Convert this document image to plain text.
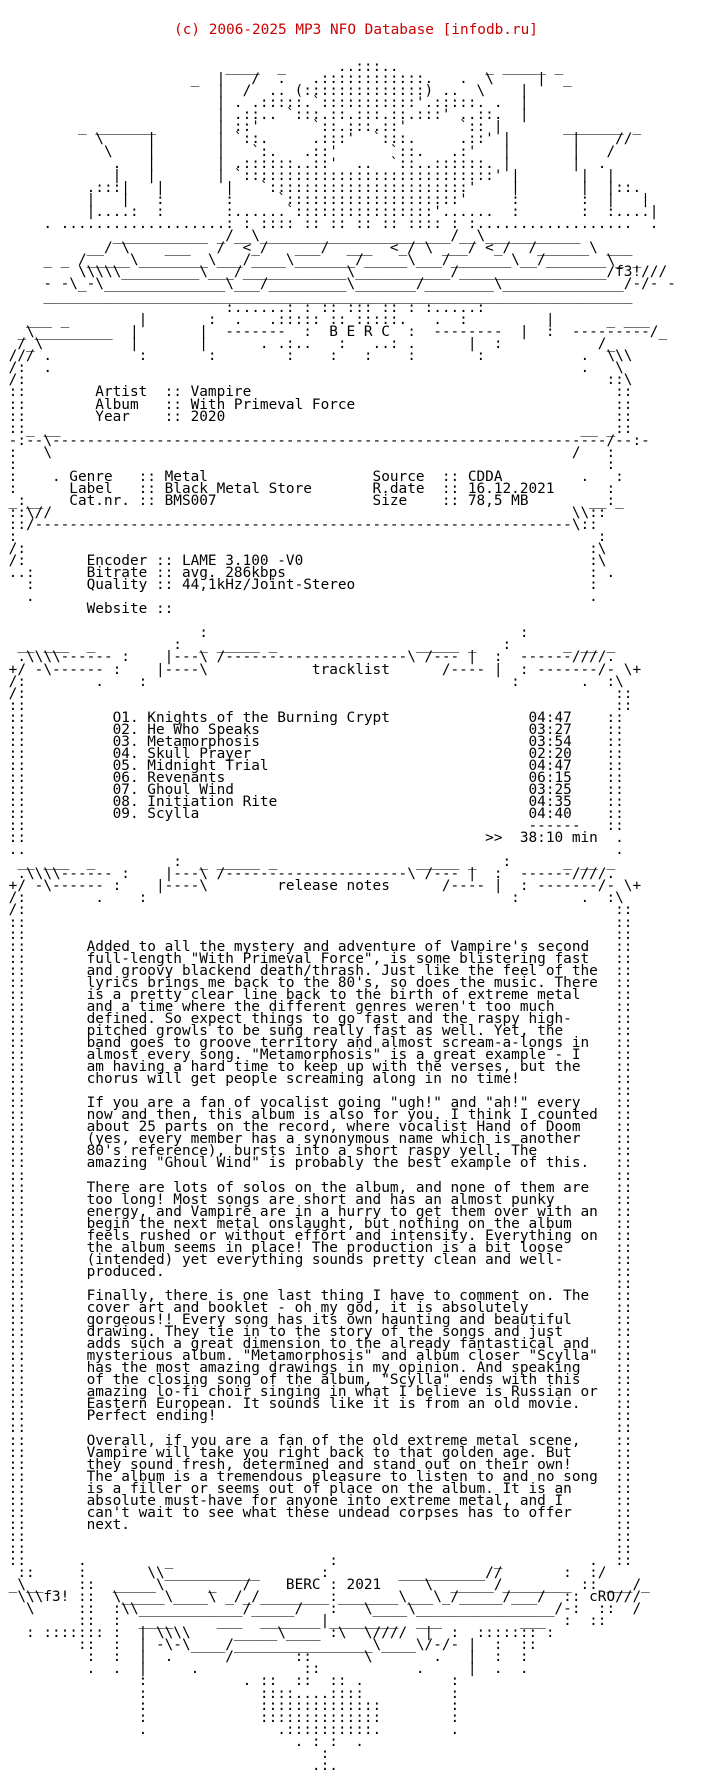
(c) 2006-2025 MP3 NFO Database [infodb.ru]

____  _      ..:::..          _ _____ _
_  |   /  .   .::::::::::::.   .  \     |  _
|  /  .. (::::::::::::::) ..  \    |
| . .:::::.`:::::::::::'.:::::. .  |
| .::.. `:::.::.:::.::.:::' ..::.  |
_ _______       | ::'      `::.:::.::'      `:: |       _______ _
\     |       | `::.     .:::'  `:::.     .::' |       |    //
\    |       |   `:.   .::'      `::.   .:'   |       |   /
.   |       | .::::::..::'  ..  `::..::::::. |       |  .
|   |       | `:::::::::::::::::::::::::::::' |       |  |
.:::|   |       |   `:::::::::::::::::::::::'    |       |  |::.
|   |   :       :     `::::::::::::::::::::'     :       :  |   |
|....:  :       :......`::::::::::::::::'......  :       :  :....|
. ...................: : :::: :: :: :: :: :::: : :..................  .
___________ _/__\______________________/__\___________
__/ \    ___   /  <_/   ___/  ___  <_/ \ ___/ <_/  /______\ ___
_ _ /_____\________\___/____\_______/_____\___/_______\__/_______\_ _
\\\\\_________\___/____________\___________/_________________/f3!///
- -\_-\______________\___/_________\_______/________\______________/-/- -
____________________________________________________________________
:......: : :: ::: :: : :.....:
___ _        |       :  .   .::::: :: :::::.   .  :         |      _ ___
_\_________  |       |  -------  :  B E R C  :  --------  |  :  ---------/_
/_\          |       |      . .:..   :   ..: .      |  :           /_
/// .          :       :        :    :   :    :       :           .  \\\
/:  .                                                             .   \
/:                                                                   ::\
::        Artist  :: Vampire                                          ::
::        Album   :: With Primeval Force                              ::
::        Year    :: 2020                                             ::
::_ __                                                            __ _::
-:--\----------------------------------------------------------------/--:-
:   \                                                            /   :
:                                                                    :
:    . Genre   :: Metal                   Source  :: CDDA         .   :
:      Label   :: Black Metal Store       R.date  :: 16.12.2021      :
_:__   Cat.nr. :: BMS007                  Size    :: 78,5 MB       __:_
::\//                                                            \\::
::/--------------------------------------------------------------\::
:                                                                   :
/:                                                                 :\
/:       Encoder :: LAME 3.100 -V0                                 :\
..:      Bitrate :: avg. 286kbps                                   : .
:      Quality :: 44,1kHz/Joint-Stereo                           :
.                                                                .
Website ::

:                                    :
__ ___  _         :  _ _____ _                _____ _   :      _ __ _
.\\\\------ :    |---\ /---------------------\ /--- |  :  ------////.
+/ -\------ :    |----\            tracklist      /---- |  : -------/- \+
/:        .    :                                          :       .  :\
/:                                                                    ::
::                                                                    ::
::          O1. Knights of the Burning Crypt                04:47    ::
::          02. He Who Speaks                               03:27    ::
::          03. Metamorphosis                               03:54    ::
::          04. Skull Prayer                                02:20    ::
::          05. Midnight Trial                              04:47    ::
::          06. Revenants                                   06:15    ::
::          07. Ghoul Wind                                  03:25    ::
::          08. Initiation Rite                             04:35    ::
::          09. Scylla                                      04:40    ::
::                                                          ------   ::
::                                                     >>  38:10 min  .
..                                                                    .
__ ___  _         :  _ _____ _                _____ _   :      _ __ _
.\\\\------ :    |---\ /---------------------\ /--- |  :  ------////.
+/ -\------ :    |----\        release notes      /---- |  : -------/- \+
/:        .    :                                          :       .  :\
/:                                                                    ::
::                                                                    ::
::                                                                    ::
::       Added to all the mystery and adventure of Vampire's second   ::
::       full-length "With Primeval Force", is some blistering fast   ::
::       and groovy blackend death/thrash. Just like the feel of the  ::
::       lyrics brings me back to the 80's, so does the music. There  ::
::       is a pretty clear line back to the birth of extreme metal    ::
::       and a time where the different genres weren't too much       ::
::       defined. So expect things to go fast and the raspy high-     ::
::       pitched growls to be sung really fast as well. Yet, the      ::
::       band goes to groove territory and almost scream-a-longs in   ::
::       almost every song. "Metamorphosis" is a great example - I    ::
::       am having a hard time to keep up with the verses, but the    ::
::       chorus will get people screaming along in no time!           ::
::                                                                    ::
::       If you are a fan of vocalist going "ugh!" and "ah!" every    ::
::       now and then, this album is also for you. I think I counted  ::
::       about 25 parts on the record, where vocalist Hand of Doom    ::
::       (yes, every member has a synonymous name which is another    ::
::       80's reference), bursts into a short raspy yell. The         ::
::       amazing "Ghoul Wind" is probably the best example of this.   ::
::                                                                    ::
::       There are lots of solos on the album, and none of them are   ::
::       too long! Most songs are short and has an almost punky       ::
::       energy, and Vampire are in a hurry to get them over with an  ::
::       begin the next metal onslaught, but nothing on the album     ::
::       feels rushed or without effort and intensity. Everything on  ::
::       the album seems in place! The production is a bit loose      ::
::       (intended) yet everything sounds pretty clean and well-      ::
::       produced.                                                    ::
::                                                                    ::
::       Finally, there is one last thing I have to comment on. The   ::
::       cover art and booklet - oh my god, it is absolutely          ::
::       gorgeous!! Every song has its own haunting and beautiful     ::
::       drawing. They tie in to the story of the songs and just      ::
::       adds such a great dimension to the already fantastical and   ::
::       mysterious album. "Metamorphosis" and album closer "Scylla"  ::
::       has the most amazing drawings in my opinion. And speaking    ::
::       of the closing song of the album, "Scylla" ends with this    ::
::       amazing lo-fi choir singing in what I believe is Russian or  ::
::       Eastern European. It sounds like it is from an old movie.    ::
::       Perfect ending!                                              ::
::                                                                    ::
::       Overall, if you are a fan of the old extreme metal scene,    ::
::       Vampire will take you right back to that golden age. But     ::
::       they sound fresh, determined and stand out on their own!     ::
::       The album is a tremendous pleasure to listen to and no song  ::
::       is a filler or seems out of place on the album. It is an     ::
::       absolute must-have for anyone into extreme metal, and I      ::
::       can't wait to see what these undead corpses has to offer     ::
::       next.                                                        ::
::                                                                    ::
::                                                                    ::
::      .         _                  :                  _          .  ::
::     :       \\___________       :        __________//       :  :/
_\__    ::  _____\     _   /    BERC : 2021     \  _____/________ :: ___/_
\\\f3! ::  \_____\____\ _/_/________:_______\___\_/_____/___/  :: cRO///
\     ::  :\\____________/_____/   :   \____\________________/-:  ::  /
::  :  ____     ___  _______|________  ___         ___  :  ::
: ::::::: :  | \\\\     _____\____ :\  \////  |  :  ::::::: :
::  :  | -\-\____/________________\____\/-/- |  :  ::
:  :  |  .      /       ::      \       .   |  :  :
.  .  |     .            ::           .     |  .  .
:           . ::  ::  :: .          :
:             ::::....::::          :
:             ::::::::::::::        :
:             ::::::::::::::        :
.               .::::::::::.        .
. : :  .
:
.:.
